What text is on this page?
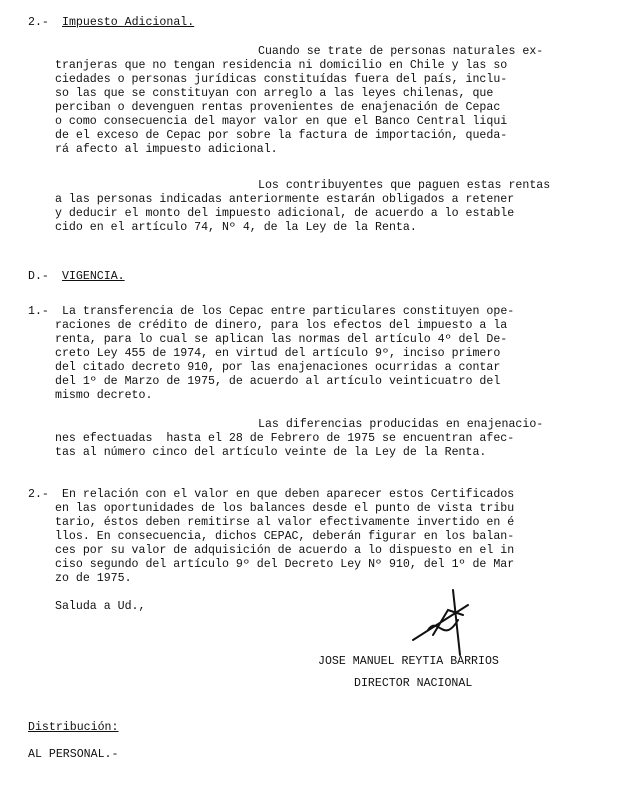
2.- Impuesto Adicional.
Cuando se trate de personas naturales ex-
tranjeras que no tengan residencia ni domicilio en Chile y las so
ciedades o personas jurídicas constituídas fuera del país, inclu-
so las que se constituyan con arreglo a las leyes chilenas, que
perciban o devenguen rentas provenientes de enajenación de Cepac
o como consecuencia del mayor valor en que el Banco Central liqui
de el exceso de Cepac por sobre la factura de importación, queda-
rá afecto al impuesto adicional.
Los contribuyentes que paguen estas rentas
a las personas indicadas anteriormente estarán obligados a retener
y deducir el monto del impuesto adicional, de acuerdo a lo estable
cido en el artículo 74, Nº 4, de la Ley de la Renta.
D.- VIGENCIA.
1.- La transferencia de los Cepac entre particulares constituyen ope-
raciones de crédito de dinero, para los efectos del impuesto a la
renta, para lo cual se aplican las normas del artículo 4º del De-
creto Ley 455 de 1974, en virtud del artículo 9º, inciso primero
del citado decreto 910, por las enajenaciones ocurridas a contar
del 1º de Marzo de 1975, de acuerdo al artículo veinticuatro del
mismo decreto.
Las diferencias producidas en enajenacio-
nes efectuadas  hasta el 28 de Febrero de 1975 se encuentran afec-
tas al número cinco del artículo veinte de la Ley de la Renta.
2.- En relación con el valor en que deben aparecer estos Certificados
en las oportunidades de los balances desde el punto de vista tribu
tario, éstos deben remitirse al valor efectivamente invertido en é
llos. En consecuencia, dichos CEPAC, deberán figurar en los balan-
ces por su valor de adquisición de acuerdo a lo dispuesto en el in
ciso segundo del artículo 9º del Decreto Ley Nº 910, del 1º de Mar
zo de 1975.
Saluda a Ud.,
JOSE MANUEL REYTIA BARRIOS
DIRECTOR NACIONAL
Distribución:
AL PERSONAL.-
